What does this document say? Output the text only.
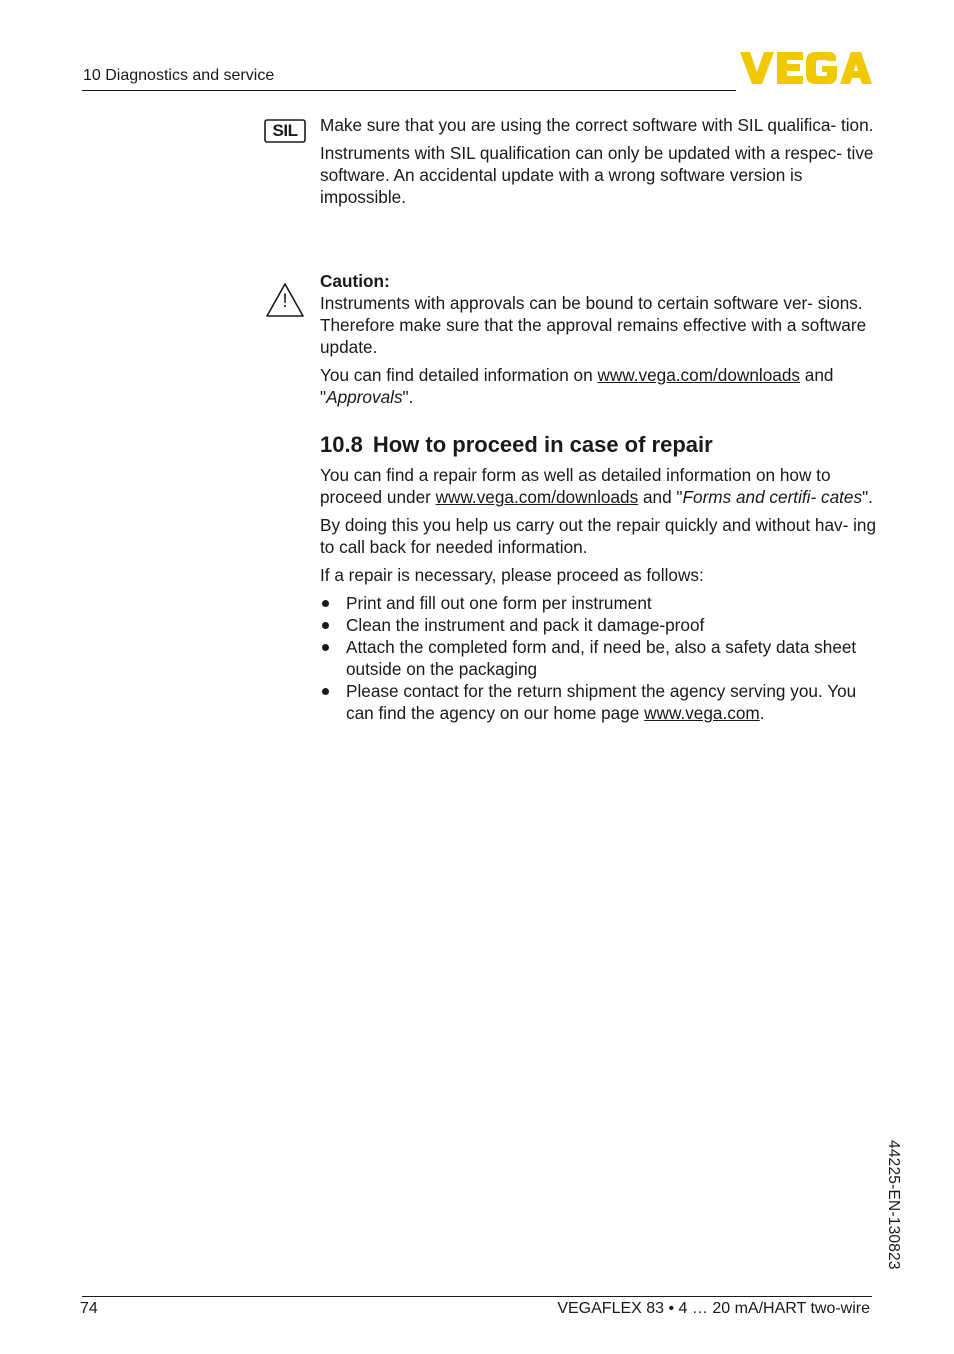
10 Diagnostics and service
SIL	Make sure that you are using the correct software with SIL qualifica- tion.

Instruments with SIL qualification can only be updated with a respec- tive software. An accidental update with a wrong software version is impossible.

!

Caution:
Instruments with approvals can be bound to certain software ver- sions. Therefore make sure that the approval remains effective with a software update.

You can find detailed information on www.vega.com/downloads and "Approvals".

10.8 How to proceed in case of repair

You can find a repair form as well as detailed information on how to proceed under www.vega.com/downloads and "Forms and certifi- cates".

By doing this you help us carry out the repair quickly and without hav- ing to call back for needed information.

If a repair is necessary, please proceed as follows:

Print and fill out one form per instrument
Clean the instrument and pack it damage-proof
Attach the completed form and, if need be, also a safety data sheet outside on the packaging
Please contact for the return shipment the agency serving you. You can find the agency on our home page www.vega.com.
44225-EN-130823
74	VEGAFLEX 83 • 4 … 20 mA/HART two-wire
